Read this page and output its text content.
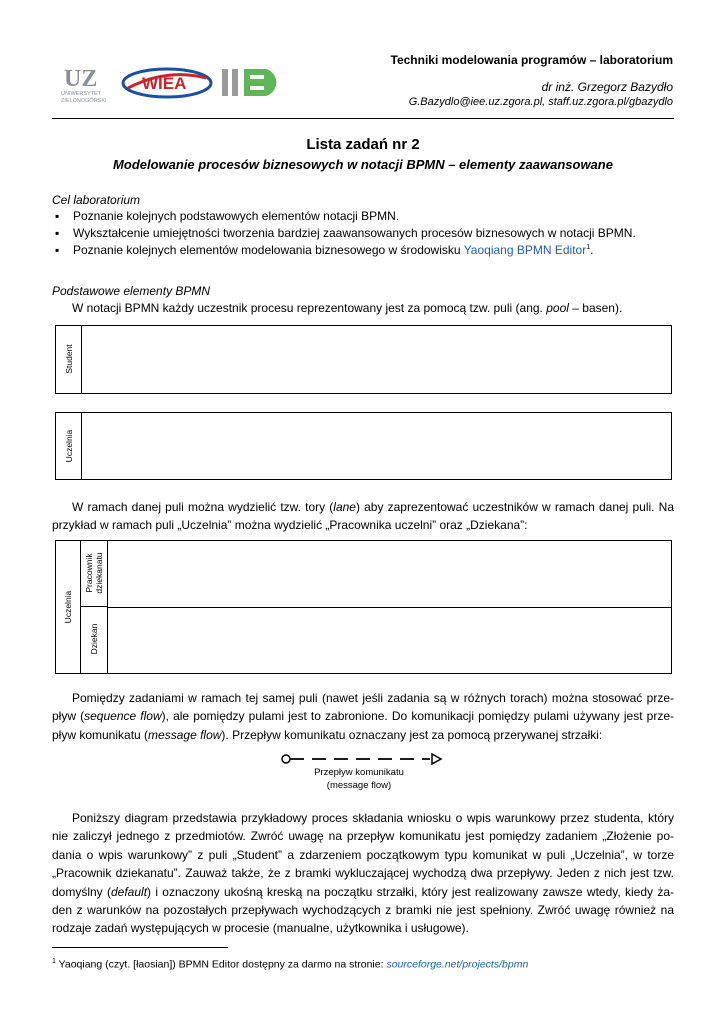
UZ
UNIWERSYTET
ZIELONOGÓRSKI
WIEA	IIE
Techniki modelowania programów – laboratorium
dr inż. Grzegorz Bazydło
G.Bazydlo@iee.uz.zgora.pl, staff.uz.zgora.pl/gbazydlo
Lista zadań nr 2
Modelowanie procesów biznesowych w notacji BPMN – elementy zaawansowane
Cel laboratorium
▪ Poznanie kolejnych podstawowych elementów notacji BPMN.
▪ Wykształcenie umiejętności tworzenia bardziej zaawansowanych procesów biznesowych w notacji BPMN.
▪ Poznanie kolejnych elementów modelowania biznesowego w środowisku Yaoqiang BPMN Editor$^1$.
Podstawowe elementy BPMN
W notacji BPMN każdy uczestnik procesu reprezentowany jest za pomocą tzw. puli (ang. pool – basen).
Student
Uczelnia
W ramach danej puli można wydzielić tzw. tory (lane) aby zaprezentować uczestników w ramach danej puli. Na przykład w ramach puli „Uczelnia” można wydzielić „Pracownika uczelni” oraz „Dziekana”:
Uczelnia
Pracownik
dziekanatu
Dziekan
Pomiędzy zadaniami w ramach tej samej puli (nawet jeśli zadania są w różnych torach) można stosować prze-pływ (sequence flow), ale pomiędzy pulami jest to zabronione. Do komunikacji pomiędzy pulami używany jest prze-pływ komunikatu (message flow). Przepływ komunikatu oznaczany jest za pomocą przerywanej strzałki:
Przepływ komunikatu
(message flow)
Poniższy diagram przedstawia przykładowy proces składania wniosku o wpis warunkowy przez studenta, który nie zaliczył jednego z przedmiotów. Zwróć uwagę na przepływ komunikatu jest pomiędzy zadaniem „Złożenie po-dania o wpis warunkowy” z puli „Student” a zdarzeniem początkowym typu komunikat w puli „Uczelnia”, w torze „Pracownik dziekanatu”. Zauważ także, że z bramki wykluczającej wychodzą dwa przepływy. Jeden z nich jest tzw. domyślny (default) i oznaczony ukośną kreską na początku strzałki, który jest realizowany zawsze wtedy, kiedy ża-den z warunków na pozostałych przepływach wychodzących z bramki nie jest spełniony. Zwróć uwagę również na rodzaje zadań występujących w procesie (manualne, użytkownika i usługowe).
$^1$ Yaoqiang (czyt. [łaosian]) BPMN Editor dostępny za darmo na stronie: sourceforge.net/projects/bpmn
